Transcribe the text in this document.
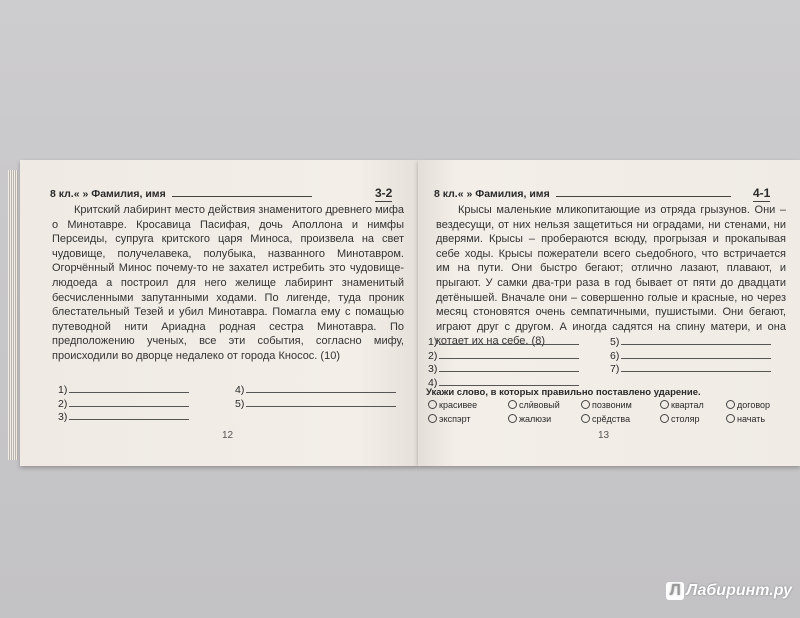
8 кл.« » Фамилия, имя	3-2

Критский лабиринт место действия знаменитого древнего мифа о Минотавре. Кросавица Пасифая, дочь Аполлона и нимфы Персеиды, супруга критского царя Миноса, произвела на свет чудовище, получелавека, полубыка, названного Минотавром. Огорчённый Минос почему-то не захател истребить это чудовище-людоеда а построил для него желище лабиринт знаменитый бесчисленными запутанными ходами. По лигенде, туда проник блестательный Тезей и убил Минотавра. Помагла ему с помащью путеводной нити Ариадна родная сестра Минотавра. По предположению ученых, все эти события, согласно мифу, происходили во дворце недалеко от города Кносос. (10)

1)
2)
3)
4)
5)
12
8 кл.« » Фамилия, имя	4-1

Крысы маленькие мликопитающие из отряда грызунов. Они – вездесущи, от них нельзя защетиться ни оградами, ни стенами, ни дверями. Крысы – пробераются всюду, прогрызая и прокапывая себе ходы. Крысы пожератели всего сьедобного, что встричается им на пути. Они быстро бегают; отлично лазают, плавают, и прыгают. У самки два-три раза в год бывает от пяти до двадцати детёнышей. Вначале они – совершенно голые и красные, но через месяц стоновятся очень семпатичными, пушистыми. Они бегают, играют друг с другом. А иногда садятся на спину матери, и она котает их на себе. (8)

1)
2)
3)
4)
5)
6)
7)
Укажи слово, в которых правильно поставлено ударение.
красивее	слӣвовый	позвоним	квартал	договор
экспэрт	жалюзи	срӗдства	столяр	начать
13
Л Лабиринт.ру
